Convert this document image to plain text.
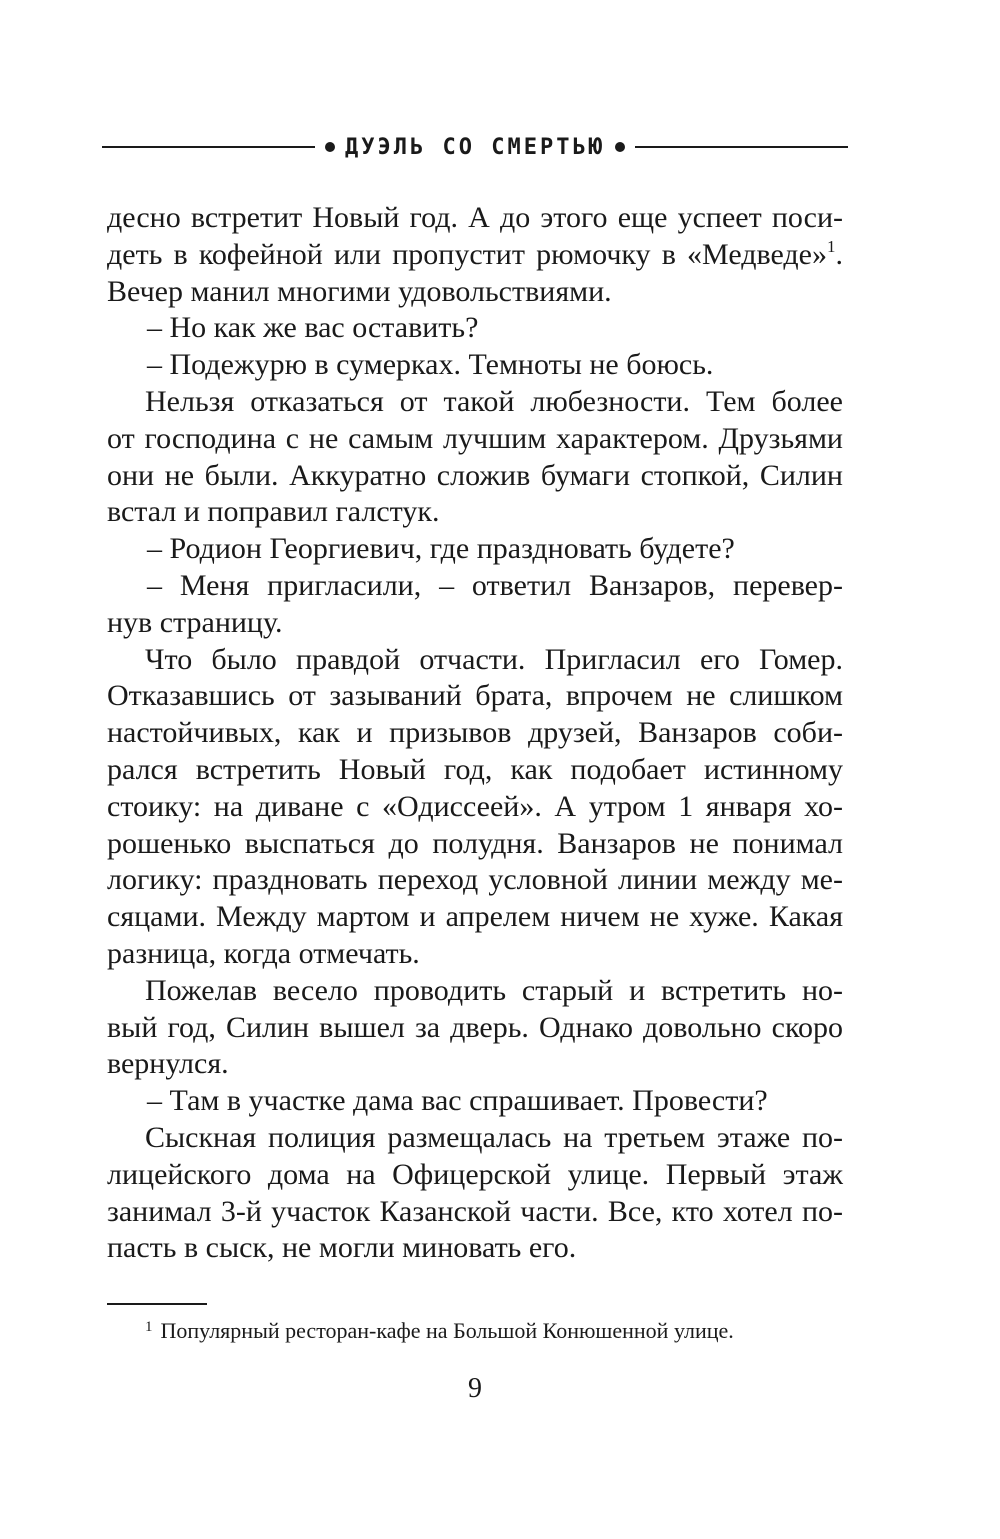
ДУЭЛЬ СО СМЕРТЬЮ
десно встретит Новый год. А до этого еще успеет поси-
деть в кофейной или пропустит рюмочку в «Медведе»$^1$.
Вечер манил многими удовольствиями.
– Но как же вас оставить?
– Подежурю в сумерках. Темноты не боюсь.
Нельзя отказаться от такой любезности. Тем более
от господина с не самым лучшим характером. Друзьями
они не были. Аккуратно сложив бумаги стопкой, Силин
встал и поправил галстук.
– Родион Георгиевич, где праздновать будете?
– Меня пригласили, – ответил Ванзаров, перевер-
нув страницу.
Что было правдой отчасти. Пригласил его Гомер.
Отказавшись от зазываний брата, впрочем не слишком
настойчивых, как и призывов друзей, Ванзаров соби-
рался встретить Новый год, как подобает истинному
стоику: на диване с «Одиссеей». А утром 1 января хо-
рошенько выспаться до полудня. Ванзаров не понимал
логику: праздновать переход условной линии между ме-
сяцами. Между мартом и апрелем ничем не хуже. Какая
разница, когда отмечать.
Пожелав весело проводить старый и встретить но-
вый год, Силин вышел за дверь. Однако довольно скоро
вернулся.
– Там в участке дама вас спрашивает. Провести?
Сыскная полиция размещалась на третьем этаже по-
лицейского дома на Офицерской улице. Первый этаж
занимал 3-й участок Казанской части. Все, кто хотел по-
пасть в сыск, не могли миновать его.
$^1$ Популярный ресторан-кафе на Большой Конюшенной улице.
9
